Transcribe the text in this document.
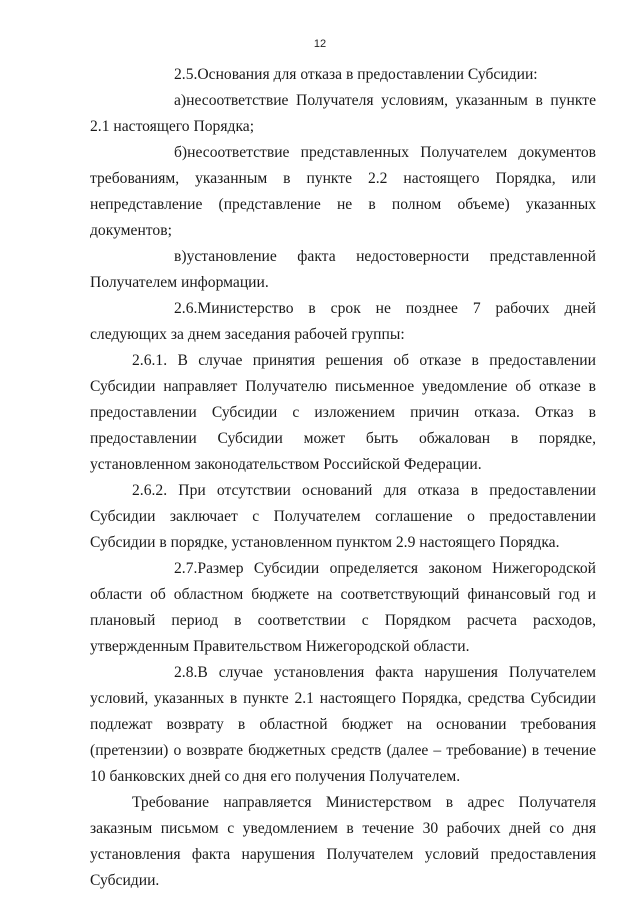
12

2.5.Основания для отказа в предоставлении Субсидии:

а)несоответствие Получателя условиям, указанным в пункте 2.1 настоящего Порядка;

б)несоответствие представленных Получателем документов требованиям, указанным в пункте 2.2 настоящего Порядка, или непредставление (представление не в полном объеме) указанных документов;

в)установление факта недостоверности представленной Получателем информации.

2.6.Министерство в срок не позднее 7 рабочих дней следующих за днем заседания рабочей группы:

2.6.1. В случае принятия решения об отказе в предоставлении Субсидии направляет Получателю письменное уведомление об отказе в предоставлении Субсидии с изложением причин отказа. Отказ в предоставлении Субсидии может быть обжалован в порядке, установленном законодательством Российской Федерации.

2.6.2. При отсутствии оснований для отказа в предоставлении Субсидии заключает с Получателем соглашение о предоставлении Субсидии в порядке, установленном пунктом 2.9 настоящего Порядка.

2.7.Размер Субсидии определяется законом Нижегородской области об областном бюджете на соответствующий финансовый год и плановый период в соответствии с Порядком расчета расходов, утвержденным Правительством Нижегородской области.

2.8.В случае установления факта нарушения Получателем условий, указанных в пункте 2.1 настоящего Порядка, средства Субсидии подлежат возврату в областной бюджет на основании требования (претензии) о возврате бюджетных средств (далее – требование) в течение 10 банковских дней со дня его получения Получателем.

Требование направляется Министерством в адрес Получателя заказным письмом с уведомлением в течение 30 рабочих дней со дня установления факта нарушения Получателем условий предоставления Субсидии.
